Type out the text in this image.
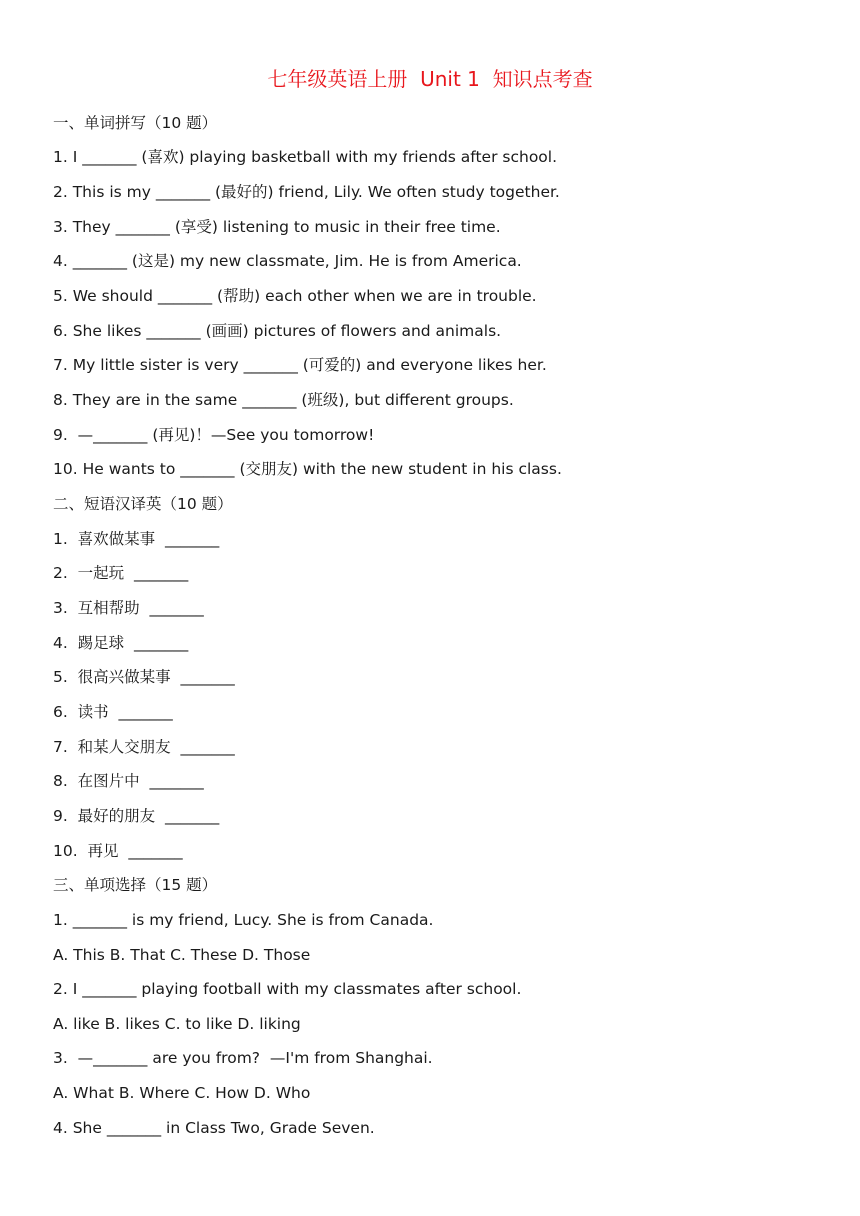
七年级英语上册  Unit 1  知识点考查
一、单词拼写（10 题）
1. I _______ (喜欢) playing basketball with my friends after school.
2. This is my _______ (最好的) friend, Lily. We often study together.
3. They _______ (享受) listening to music in their free time.
4. _______ (这是) my new classmate, Jim. He is from America.
5. We should _______ (帮助) each other when we are in trouble.
6. She likes _______ (画画) pictures of flowers and animals.
7. My little sister is very _______ (可爱的) and everyone likes her.
8. They are in the same _______ (班级), but different groups.
9.  —_______ (再见)！—See you tomorrow!
10. He wants to _______ (交朋友) with the new student in his class.
二、短语汉译英（10 题）
1.  喜欢做某事  _______
2.  一起玩  _______
3.  互相帮助  _______
4.  踢足球  _______
5.  很高兴做某事  _______
6.  读书  _______
7.  和某人交朋友  _______
8.  在图片中  _______
9.  最好的朋友  _______
10.  再见  _______
三、单项选择（15 题）
1. _______ is my friend, Lucy. She is from Canada.
A. This B. That C. These D. Those
2. I _______ playing football with my classmates after school.
A. like B. likes C. to like D. liking
3.  —_______ are you from?  —I'm from Shanghai.
A. What B. Where C. How D. Who
4. She _______ in Class Two, Grade Seven.
